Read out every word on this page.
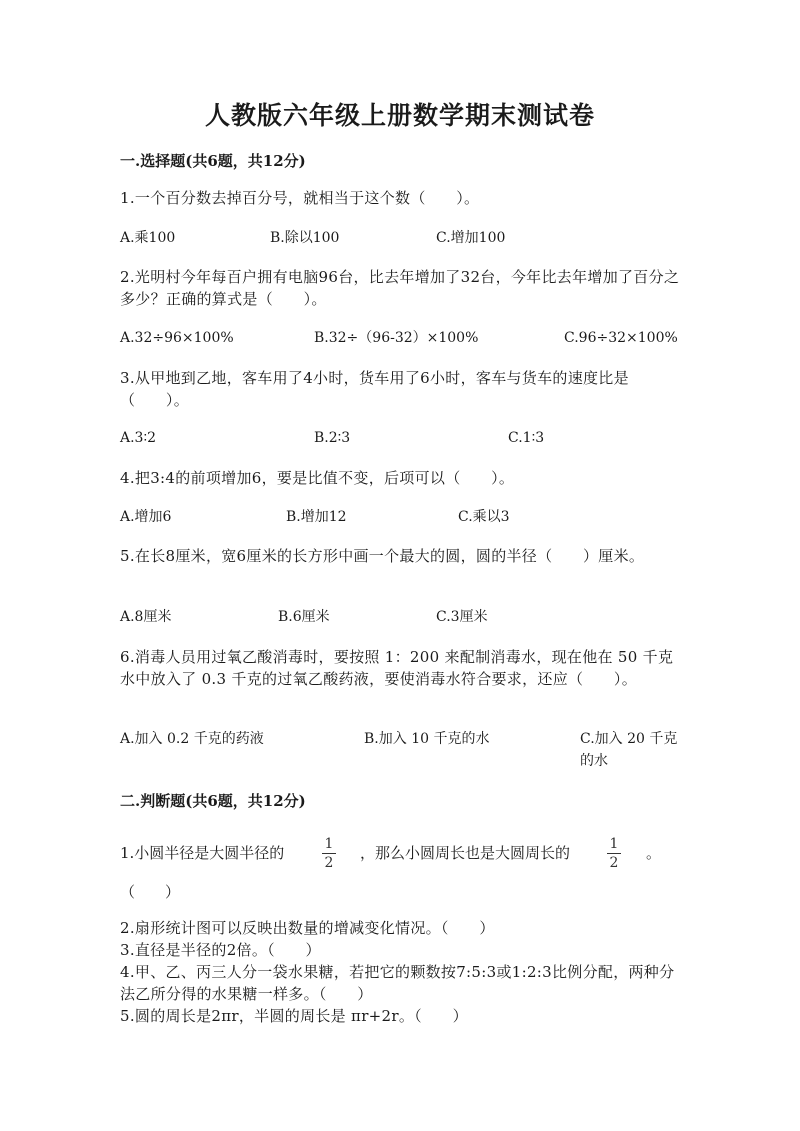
人教版六年级上册数学期末测试卷
一.选择题(共6题，共12分)
1.一个百分数去掉百分号，就相当于这个数（　　）。
A.乘100	B.除以100	C.增加100
2.光明村今年每百户拥有电脑96台，比去年增加了32台，今年比去年增加了百分之多少？正确的算式是（　　）。
A.32÷96×100%	B.32÷（96-32）×100%	C.96÷32×100%
3.从甲地到乙地，客车用了4小时，货车用了6小时，客车与货车的速度比是（　　）。
A.3∶2	B.2∶3	C.1∶3
4.把3:4的前项增加6，要是比值不变，后项可以（　　）。
A.增加6	B.增加12	C.乘以3
5.在长8厘米，宽6厘米的长方形中画一个最大的圆，圆的半径（　　）厘米。
A.8厘米	B.6厘米	C.3厘米
6.消毒人员用过氧乙酸消毒时，要按照 1：200 来配制消毒水，现在他在 50 千克水中放入了 0.3 千克的过氧乙酸药液，要使消毒水符合要求，还应（　　）。
A.加入 0.2 千克的药液	B.加入 10 千克的水	C.加入 20 千克的水
二.判断题(共6题，共12分)
1.小圆半径是大圆半径的	1
2
，那么小圆周长也是大圆周长的	1
2
。
（　　）
2.扇形统计图可以反映出数量的增减变化情况。（　　）
3.直径是半径的2倍。（　　）
4.甲、乙、丙三人分一袋水果糖，若把它的颗数按7:5:3或1:2:3比例分配，两种分法乙所分得的水果糖一样多。（　　）
5.圆的周长是2πr，半圆的周长是 πr+2r。（　　）
